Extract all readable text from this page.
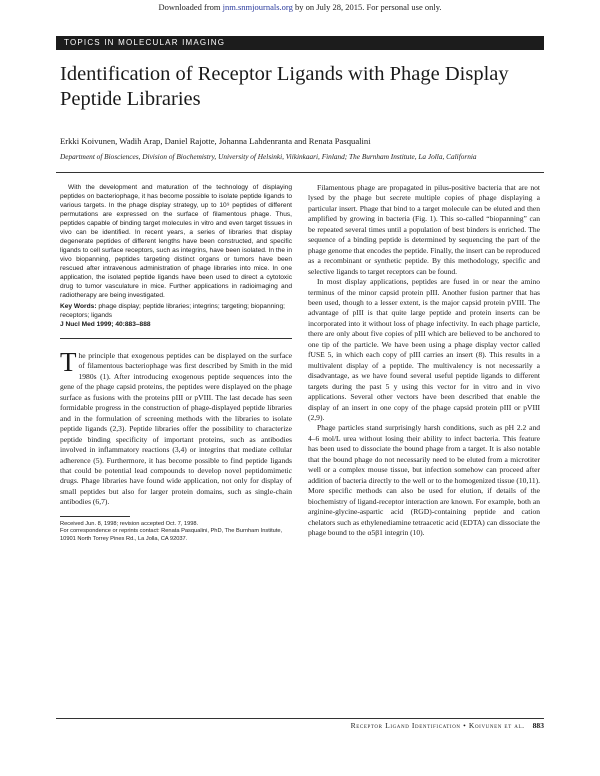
Downloaded from jnm.snmjournals.org by on July 28, 2015. For personal use only.
TOPICS IN MOLECULAR IMAGING
Identification of Receptor Ligands with Phage Display Peptide Libraries
Erkki Koivunen, Wadih Arap, Daniel Rajotte, Johanna Lahdenranta and Renata Pasqualini
Department of Biosciences, Division of Biochemistry, University of Helsinki, Viikinkaari, Finland; The Burnham Institute, La Jolla, California

With the development and maturation of the technology of displaying peptides on bacteriophage, it has become possible to isolate peptide ligands to various targets. In the phage display strategy, up to 10⁹ peptides of different permutations are expressed on the surface of filamentous phage. Thus, peptides capable of binding target molecules in vitro and even target tissues in vivo can be identified. In recent years, a series of libraries that display degenerate peptides of different lengths have been constructed, and specific ligands to cell surface receptors, such as integrins, have been isolated. In the in vivo biopanning, peptides targeting distinct organs or tumors have been rescued after intravenous administration of phage libraries into mice. In one application, the isolated peptide ligands have been used to direct a cytotoxic drug to tumor vasculature in mice. Further applications in radioimaging and radiotherapy are being investigated.

Key Words: phage display; peptide libraries; integrins; targeting; biopanning; receptors; ligands

J Nucl Med 1999; 40:883–888

The principle that exogenous peptides can be displayed on the surface of filamentous bacteriophage was first described by Smith in the mid 1980s (1). After introducing exogenous peptide sequences into the gene of the phage capsid proteins, the peptides were displayed on the phage surface as fusions with the proteins pIII or pVIII. The last decade has seen formidable progress in the construction of phage-displayed peptide libraries and in the formulation of screening methods with the libraries to isolate peptide ligands (2,3). Peptide libraries offer the possibility to characterize peptide binding specificity of important proteins, such as antibodies involved in inflammatory reactions (3,4) or integrins that mediate cellular adherence (5). Furthermore, it has become possible to find peptide ligands that could be potential lead compounds to develop novel peptidomimetic drugs. Phage libraries have found wide application, not only for display of small peptides but also for larger protein domains, such as single-chain antibodies (6,7).

Received Jun. 8, 1998; revision accepted Oct. 7, 1998.

For correspondence or reprints contact: Renata Pasqualini, PhD, The Burnham Institute, 10901 North Torrey Pines Rd., La Jolla, CA 92037.

Filamentous phage are propagated in pilus-positive bacteria that are not lysed by the phage but secrete multiple copies of phage displaying a particular insert. Phage that bind to a target molecule can be eluted and then amplified by growing in bacteria (Fig. 1). This so-called “biopanning” can be repeated several times until a population of best binders is enriched. The sequence of a binding peptide is determined by sequencing the part of the phage genome that encodes the peptide. Finally, the insert can be reproduced as a recombinant or synthetic peptide. By this methodology, specific and selective ligands to target receptors can be found.

In most display applications, peptides are fused in or near the amino terminus of the minor capsid protein pIII. Another fusion partner that has been used, though to a lesser extent, is the major capsid protein pVIII. The advantage of pIII is that quite large peptide and protein inserts can be incorporated into it without loss of phage infectivity. In each phage particle, there are only about five copies of pIII which are believed to be anchored to one tip of the particle. We have been using a phage display vector called fUSE 5, in which each copy of pIII carries an insert (8). This results in a multivalent display of a peptide. The multivalency is not necessarily a disadvantage, as we have found several useful peptide ligands to different targets during the past 5 y using this vector for in vitro and in vivo applications. Several other vectors have been described that enable the display of an insert in one copy of the phage capsid protein pIII or pVIII (2,9).

Phage particles stand surprisingly harsh conditions, such as pH 2.2 and 4–6 mol/L urea without losing their ability to infect bacteria. This feature has been used to dissociate the bound phage from a target. It is also notable that the bound phage do not necessarily need to be eluted from a microtiter well or a complex mouse tissue, but infection somehow can proceed after addition of bacteria directly to the well or to the homogenized tissue (10,11). More specific methods can also be used for elution, if details of the biochemistry of ligand-receptor interaction are known. For example, both an arginine-glycine-aspartic acid (RGD)-containing peptide and cation chelators such as ethylenediamine tetraacetic acid (EDTA) can dissociate the phage bound to the α5β1 integrin (10).

Receptor Ligand Identification • Koivunen et al. 883
